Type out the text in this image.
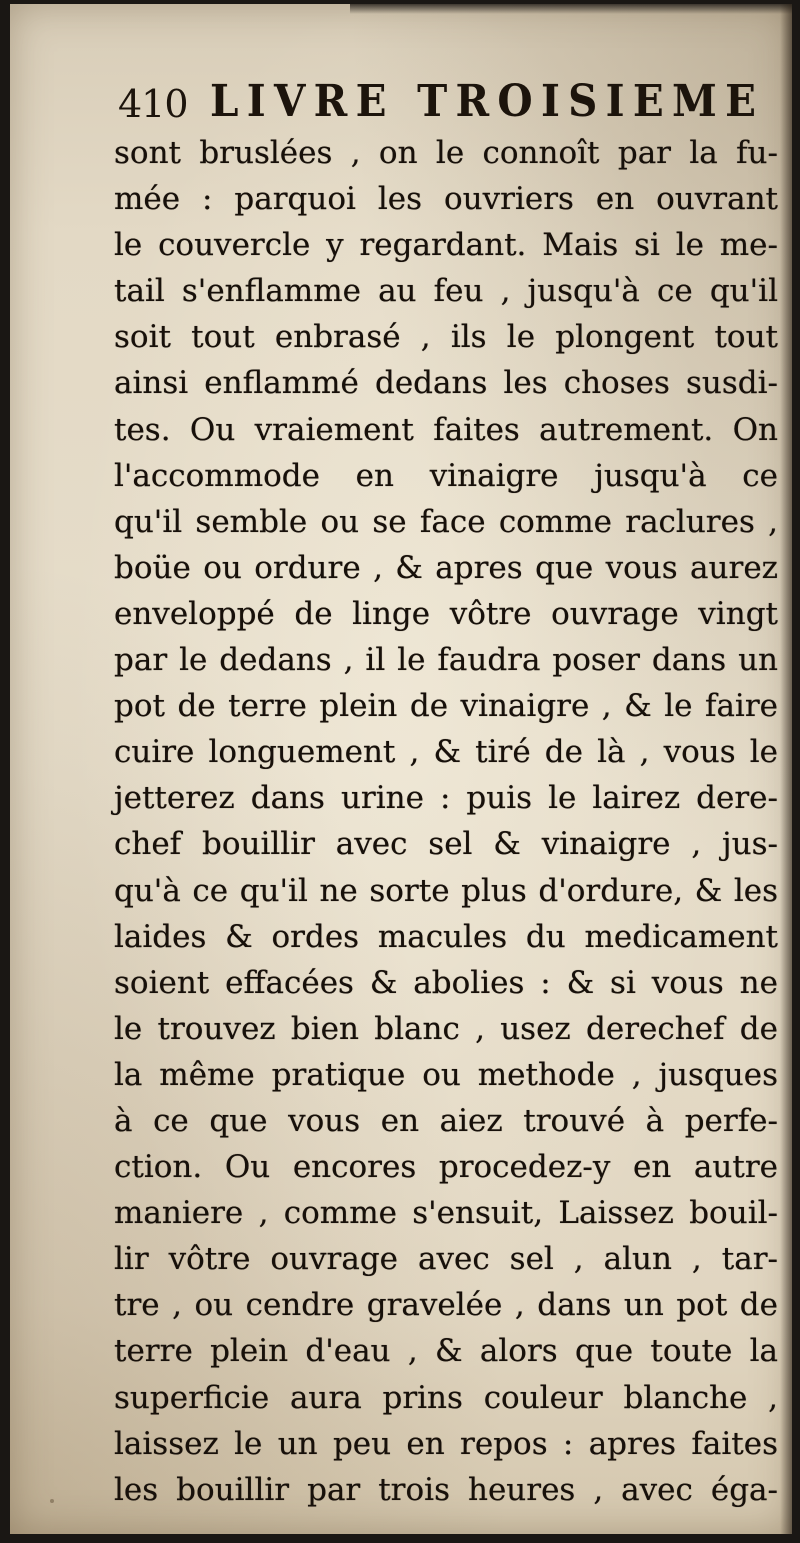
410 LIVRE TROISIEME
sont bruslées , on le connoît par la fu-
mée : parquoi les ouvriers en ouvrant
le couvercle y regardant. Mais si le me-
tail s'enflamme au feu , jusqu'à ce qu'il
soit tout enbrasé , ils le plongent tout
ainsi enflammé dedans les choses susdi-
tes. Ou vraiement faites autrement. On
l'accommode en vinaigre jusqu'à ce
qu'il semble ou se face comme raclures ,
boüe ou ordure , & apres que vous aurez
enveloppé de linge vôtre ouvrage vingt
par le dedans , il le faudra poser dans un
pot de terre plein de vinaigre , & le faire
cuire longuement , & tiré de là , vous le
jetterez dans urine : puis le lairez dere-
chef bouillir avec sel & vinaigre , jus-
qu'à ce qu'il ne sorte plus d'ordure, & les
laides & ordes macules du medicament
soient effacées & abolies : & si vous ne
le trouvez bien blanc , usez derechef de
la même pratique ou methode , jusques
à ce que vous en aiez trouvé à perfe-
ction. Ou encores procedez-y en autre
maniere , comme s'ensuit, Laissez bouil-
lir vôtre ouvrage avec sel , alun , tar-
tre , ou cendre gravelée , dans un pot de
terre plein d'eau , & alors que toute la
superficie aura prins couleur blanche ,
laissez le un peu en repos : apres faites
les bouillir par trois heures , avec éga-
